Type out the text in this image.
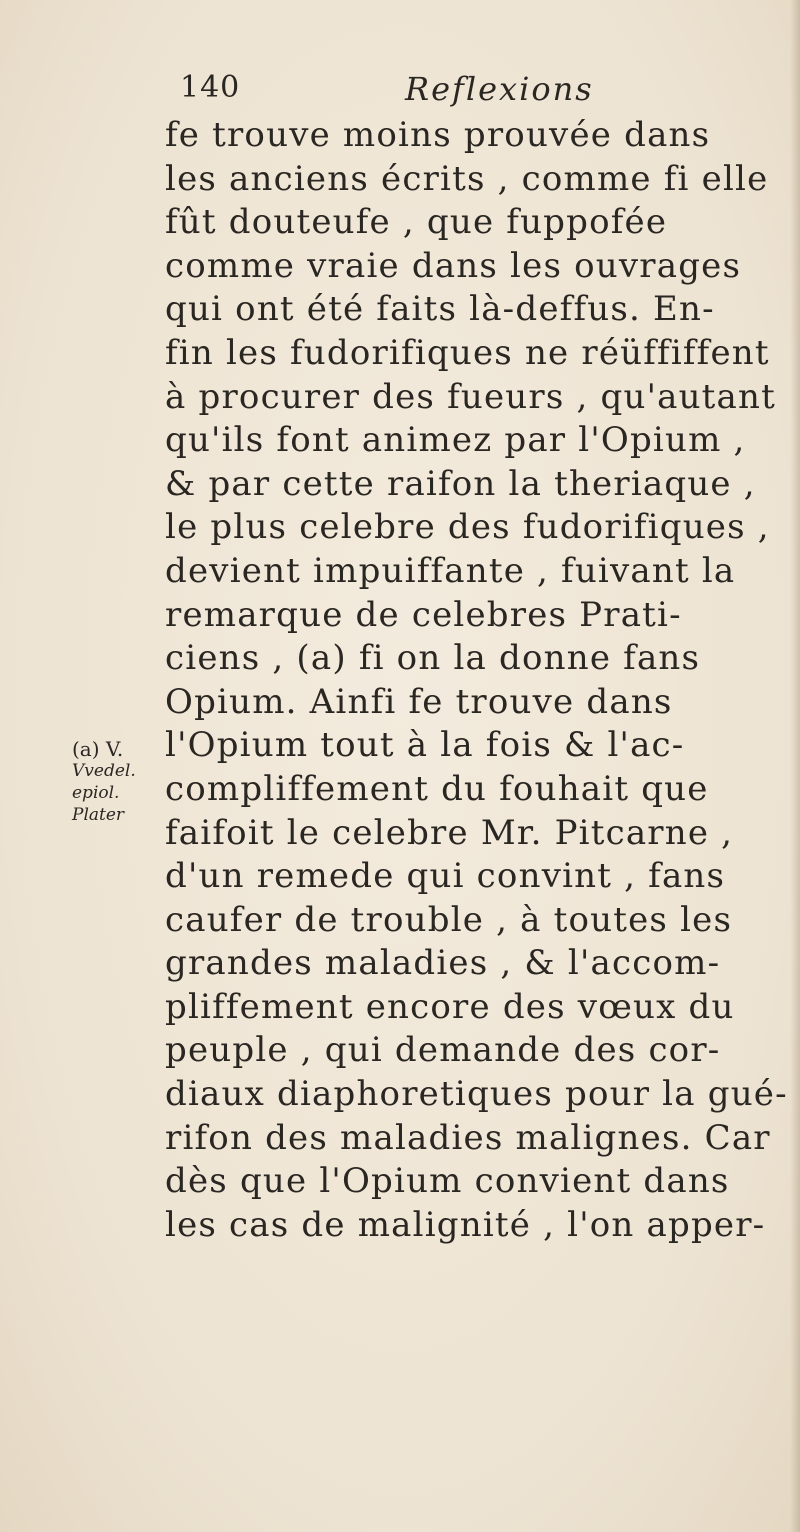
140	Reflexions
(a) V.
Vvedel.
epiol.
Plater
fe trouve moins prouvée dans
les anciens écrits , comme fi elle
fût douteufe , que fuppofée
comme vraie dans les ouvrages
qui ont été faits là-deffus. En-
fin les fudorifiques ne réüffiffent
à procurer des fueurs , qu'autant
qu'ils font animez par l'Opium ,
& par cette raifon la theriaque ,
le plus celebre des fudorifiques ,
devient impuiffante , fuivant la
remarque de celebres Prati-
ciens , (a) fi on la donne fans
Opium. Ainfi fe trouve dans
l'Opium tout à la fois & l'ac-
compliffement du fouhait que
faifoit le celebre Mr. Pitcarne ,
d'un remede qui convint , fans
caufer de trouble , à toutes les
grandes maladies , & l'accom-
pliffement encore des vœux du
peuple , qui demande des cor-
diaux diaphoretiques pour la gué-
rifon des maladies malignes. Car
dès que l'Opium convient dans
les cas de malignité , l'on apper-
